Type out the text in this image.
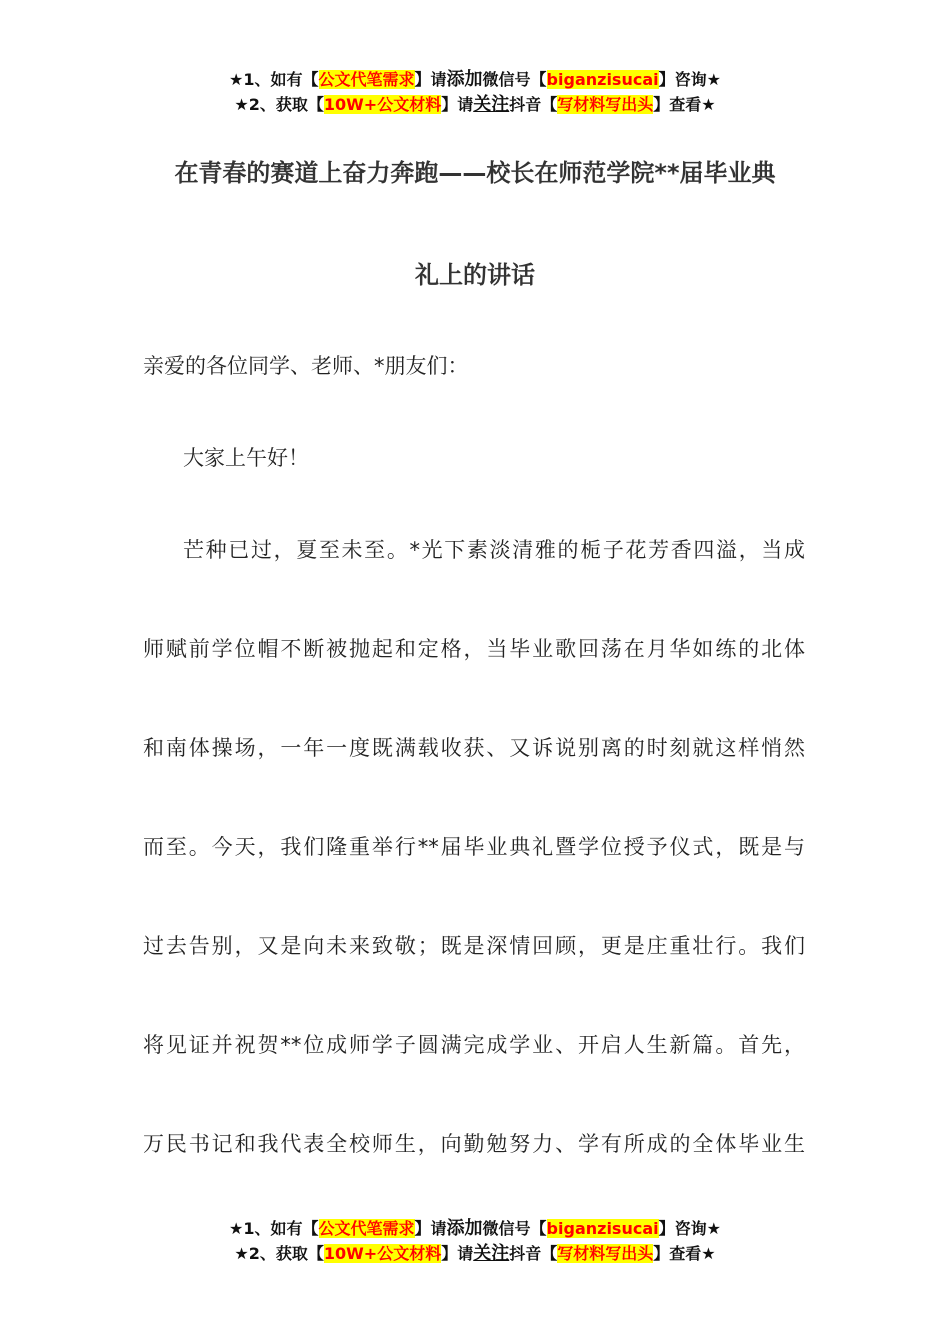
★1、如有【公文代笔需求】请添加微信号【biganzisucai】咨询★
★2、获取【10W+公文材料】请关注抖音【写材料写出头】查看★
在青春的赛道上奋力奔跑——校长在师范学院**届毕业典
礼上的讲话
亲爱的各位同学、老师、*朋友们：
大家上午好！
芒种已过，夏至未至。*光下素淡清雅的栀子花芳香四溢，当成
师赋前学位帽不断被抛起和定格，当毕业歌回荡在月华如练的北体
和南体操场，一年一度既满载收获、又诉说别离的时刻就这样悄然
而至。今天，我们隆重举行**届毕业典礼暨学位授予仪式，既是与
过去告别，又是向未来致敬；既是深情回顾，更是庄重壮行。我们
将见证并祝贺**位成师学子圆满完成学业、开启人生新篇。首先，
万民书记和我代表全校师生，向勤勉努力、学有所成的全体毕业生
★1、如有【公文代笔需求】请添加微信号【biganzisucai】咨询★
★2、获取【10W+公文材料】请关注抖音【写材料写出头】查看★
